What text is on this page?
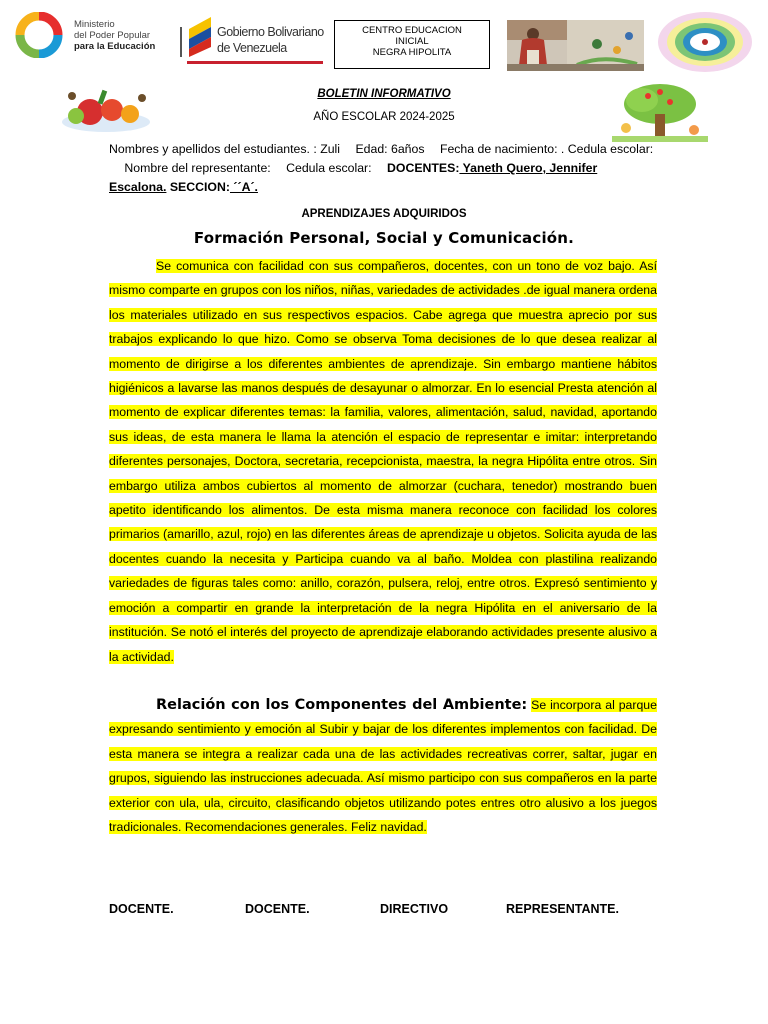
Ministerio
del Poder Popular
para la Educación
Gobierno Bolivariano
de Venezuela
CENTRO EDUCACION
INICIAL
NEGRA HIPOLITA
BOLETIN INFORMATIVO
AÑO ESCOLAR 2024-2025
Nombres y apellidos del estudiantes. : Zuli Edad: 6años Fecha de nacimiento: . Cedula escolar: Nombre del representante: Cedula escolar: DOCENTES: Yaneth Quero, Jennifer Escalona. SECCION: ´´A´.
APRENDIZAJES ADQUIRIDOS
Formación Personal, Social y Comunicación.
Se comunica con facilidad con sus compañeros, docentes, con un tono de voz bajo. Así mismo comparte en grupos con los niños, niñas, variedades de actividades .de igual manera ordena los materiales utilizado en sus respectivos espacios. Cabe agrega que muestra aprecio por sus trabajos explicando lo que hizo. Como se observa Toma decisiones de lo que desea realizar al momento de dirigirse a los diferentes ambientes de aprendizaje. Sin embargo mantiene hábitos higiénicos a lavarse las manos después de desayunar o almorzar. En lo esencial Presta atención al momento de explicar diferentes temas: la familia, valores, alimentación, salud, navidad, aportando sus ideas, de esta manera le llama la atención el espacio de representar e imitar: interpretando diferentes personajes, Doctora, secretaria, recepcionista, maestra, la negra Hipólita entre otros. Sin embargo utiliza ambos cubiertos al momento de almorzar (cuchara, tenedor) mostrando buen apetito identificando los alimentos. De esta misma manera reconoce con facilidad los colores primarios (amarillo, azul, rojo) en las diferentes áreas de aprendizaje u objetos. Solicita ayuda de las docentes cuando la necesita y Participa cuando va al baño. Moldea con plastilina realizando variedades de figuras tales como: anillo, corazón, pulsera, reloj, entre otros. Expresó sentimiento y emoción a compartir en grande la interpretación de la negra Hipólita en el aniversario de la institución. Se notó el interés del proyecto de aprendizaje elaborando actividades presente alusivo a la actividad.
Relación con los Componentes del Ambiente: Se incorpora al parque expresando sentimiento y emoción al Subir y bajar de los diferentes implementos con facilidad. De esta manera se integra a realizar cada una de las actividades recreativas correr, saltar, jugar en grupos, siguiendo las instrucciones adecuada. Así mismo participo con sus compañeros en la parte exterior con ula, ula, circuito, clasificando objetos utilizando potes entres otro alusivo a los juegos tradicionales. Recomendaciones generales. Feliz navidad.
DOCENTE.	DOCENTE.	DIRECTIVO	REPRESENTANTE.
